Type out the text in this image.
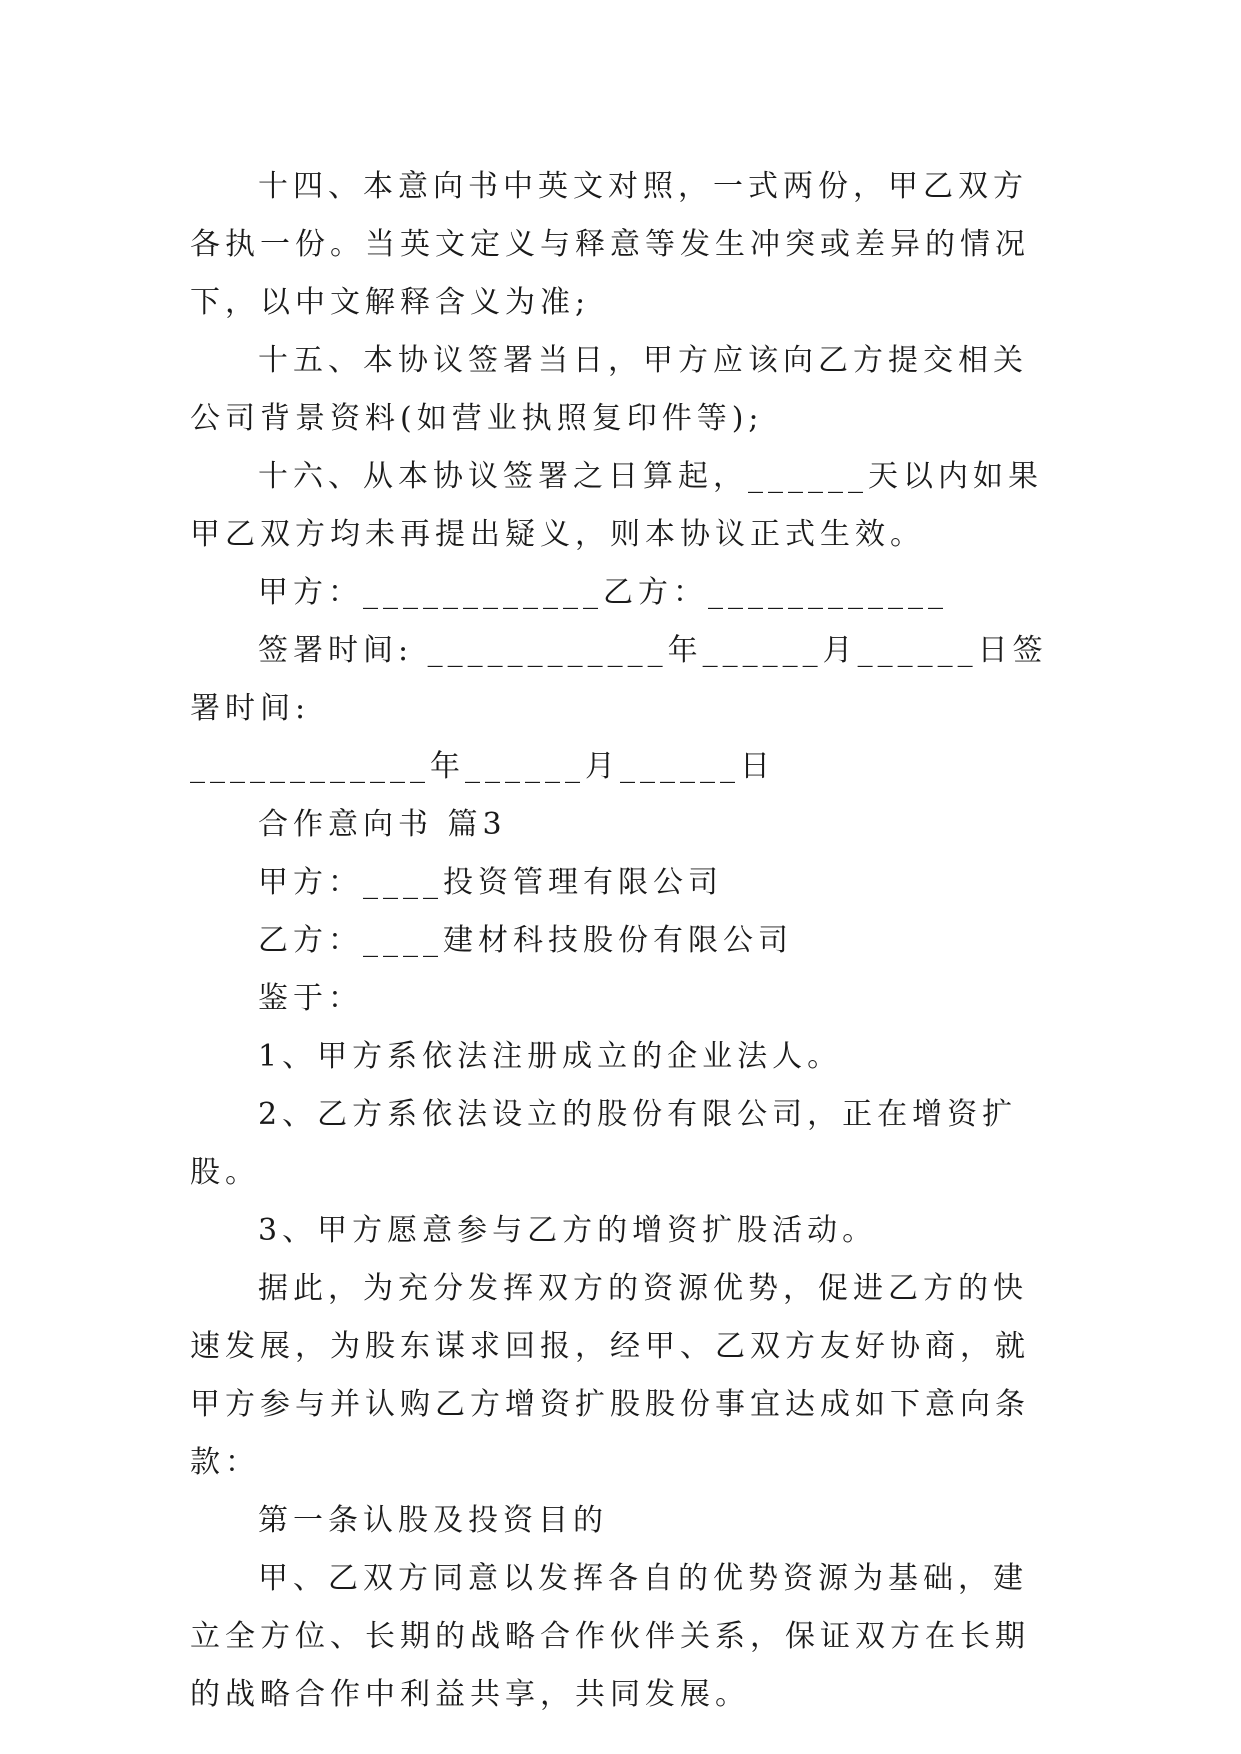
十四、本意向书中英文对照，一式两份，甲乙双方各执一份。当英文定义与释意等发生冲突或差异的情况下，以中文解释含义为准;

十五、本协议签署当日，甲方应该向乙方提交相关公司背景资料(如营业执照复印件等);

十六、从本协议签署之日算起，______天以内如果甲乙双方均未再提出疑义，则本协议正式生效。

甲方：____________乙方：____________

签署时间: ____________年______月______日签署时间:

____________年______月______日

合作意向书 篇3

甲方：____投资管理有限公司

乙方：____建材科技股份有限公司

鉴于：

1、甲方系依法注册成立的企业法人。

2、乙方系依法设立的股份有限公司，正在增资扩股。

3、甲方愿意参与乙方的增资扩股活动。

据此，为充分发挥双方的资源优势，促进乙方的快速发展，为股东谋求回报，经甲、乙双方友好协商，就甲方参与并认购乙方增资扩股股份事宜达成如下意向条款：

第一条认股及投资目的

甲、乙双方同意以发挥各自的优势资源为基础，建立全方位、长期的战略合作伙伴关系，保证双方在长期的战略合作中利益共享，共同发展。
